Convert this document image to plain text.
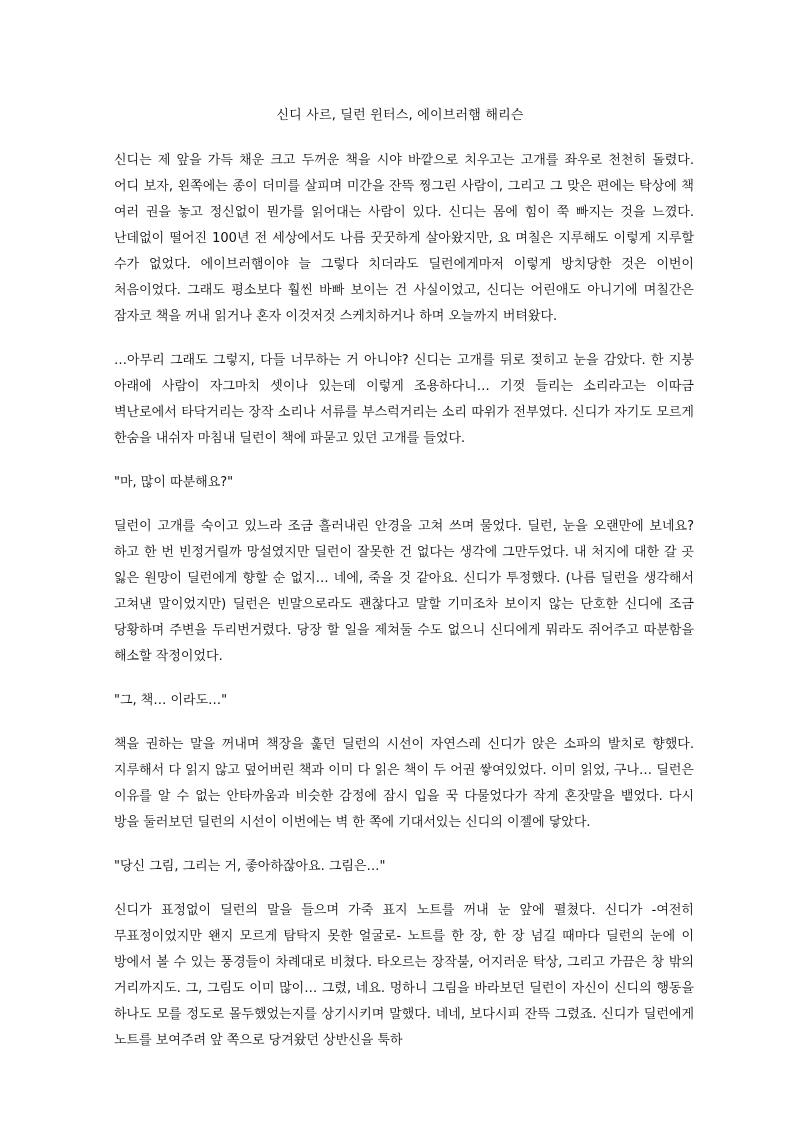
신디 사르, 딜런 윈터스, 에이브러햄 해리슨

신디는 제 앞을 가득 채운 크고 두꺼운 책을 시야 바깥으로 치우고는 고개를 좌우로 천천히 돌렸다. 어디 보자, 왼쪽에는 종이 더미를 살피며 미간을 잔뜩 찡그린 사람이, 그리고 그 맞은 편에는 탁상에 책 여러 권을 놓고 정신없이 뭔가를 읽어대는 사람이 있다. 신디는 몸에 힘이 쭉 빠지는 것을 느꼈다. 난데없이 떨어진 100년 전 세상에서도 나름 꿋꿋하게 살아왔지만, 요 며칠은 지루해도 이렇게 지루할 수가 없었다. 에이브러햄이야 늘 그렇다 치더라도 딜런에게마저 이렇게 방치당한 것은 이번이 처음이었다. 그래도 평소보다 훨씬 바빠 보이는 건 사실이었고, 신디는 어린애도 아니기에 며칠간은 잠자코 책을 꺼내 읽거나 혼자 이것저것 스케치하거나 하며 오늘까지 버텨왔다.

…아무리 그래도 그렇지, 다들 너무하는 거 아니야? 신디는 고개를 뒤로 젖히고 눈을 감았다. 한 지붕 아래에 사람이 자그마치 셋이나 있는데 이렇게 조용하다니… 기껏 들리는 소리라고는 이따금 벽난로에서 타닥거리는 장작 소리나 서류를 부스럭거리는 소리 따위가 전부였다. 신디가 자기도 모르게 한숨을 내쉬자 마침내 딜런이 책에 파묻고 있던 고개를 들었다.

"마, 많이 따분해요?"

딜런이 고개를 숙이고 있느라 조금 흘러내린 안경을 고쳐 쓰며 물었다. 딜런, 눈을 오랜만에 보네요? 하고 한 번 빈정거릴까 망설였지만 딜런이 잘못한 건 없다는 생각에 그만두었다. 내 처지에 대한 갈 곳 잃은 원망이 딜런에게 향할 순 없지… 네에, 죽을 것 같아요. 신디가 투정했다. (나름 딜런을 생각해서 고쳐낸 말이었지만) 딜런은 빈말으로라도 괜찮다고 말할 기미조차 보이지 않는 단호한 신디에 조금 당황하며 주변을 두리번거렸다. 당장 할 일을 제쳐둘 수도 없으니 신디에게 뭐라도 쥐어주고 따분함을 해소할 작정이었다.

"그, 책… 이라도…"

책을 권하는 말을 꺼내며 책장을 훑던 딜런의 시선이 자연스레 신디가 앉은 소파의 발치로 향했다. 지루해서 다 읽지 않고 덮어버린 책과 이미 다 읽은 책이 두 어권 쌓여있었다. 이미 읽었, 구나… 딜런은 이유를 알 수 없는 안타까움과 비슷한 감정에 잠시 입을 꾹 다물었다가 작게 혼잣말을 뱉었다. 다시 방을 둘러보던 딜런의 시선이 이번에는 벽 한 쪽에 기대서있는 신디의 이젤에 닿았다.

"당신 그림, 그리는 거, 좋아하잖아요. 그림은…"

신디가 표정없이 딜런의 말을 들으며 가죽 표지 노트를 꺼내 눈 앞에 펼쳤다. 신디가 -여전히 무표정이었지만 왠지 모르게 탐탁지 못한 얼굴로- 노트를 한 장, 한 장 넘길 때마다 딜런의 눈에 이 방에서 볼 수 있는 풍경들이 차례대로 비쳤다. 타오르는 장작불, 어지러운 탁상, 그리고 가끔은 창 밖의 거리까지도. 그, 그림도 이미 많이… 그렸, 네요. 멍하니 그림을 바라보던 딜런이 자신이 신디의 행동을 하나도 모를 정도로 몰두했었는지를 상기시키며 말했다. 네네, 보다시피 잔뜩 그렸죠. 신디가 딜런에게 노트를 보여주려 앞 쪽으로 당겨왔던 상반신을 툭하
